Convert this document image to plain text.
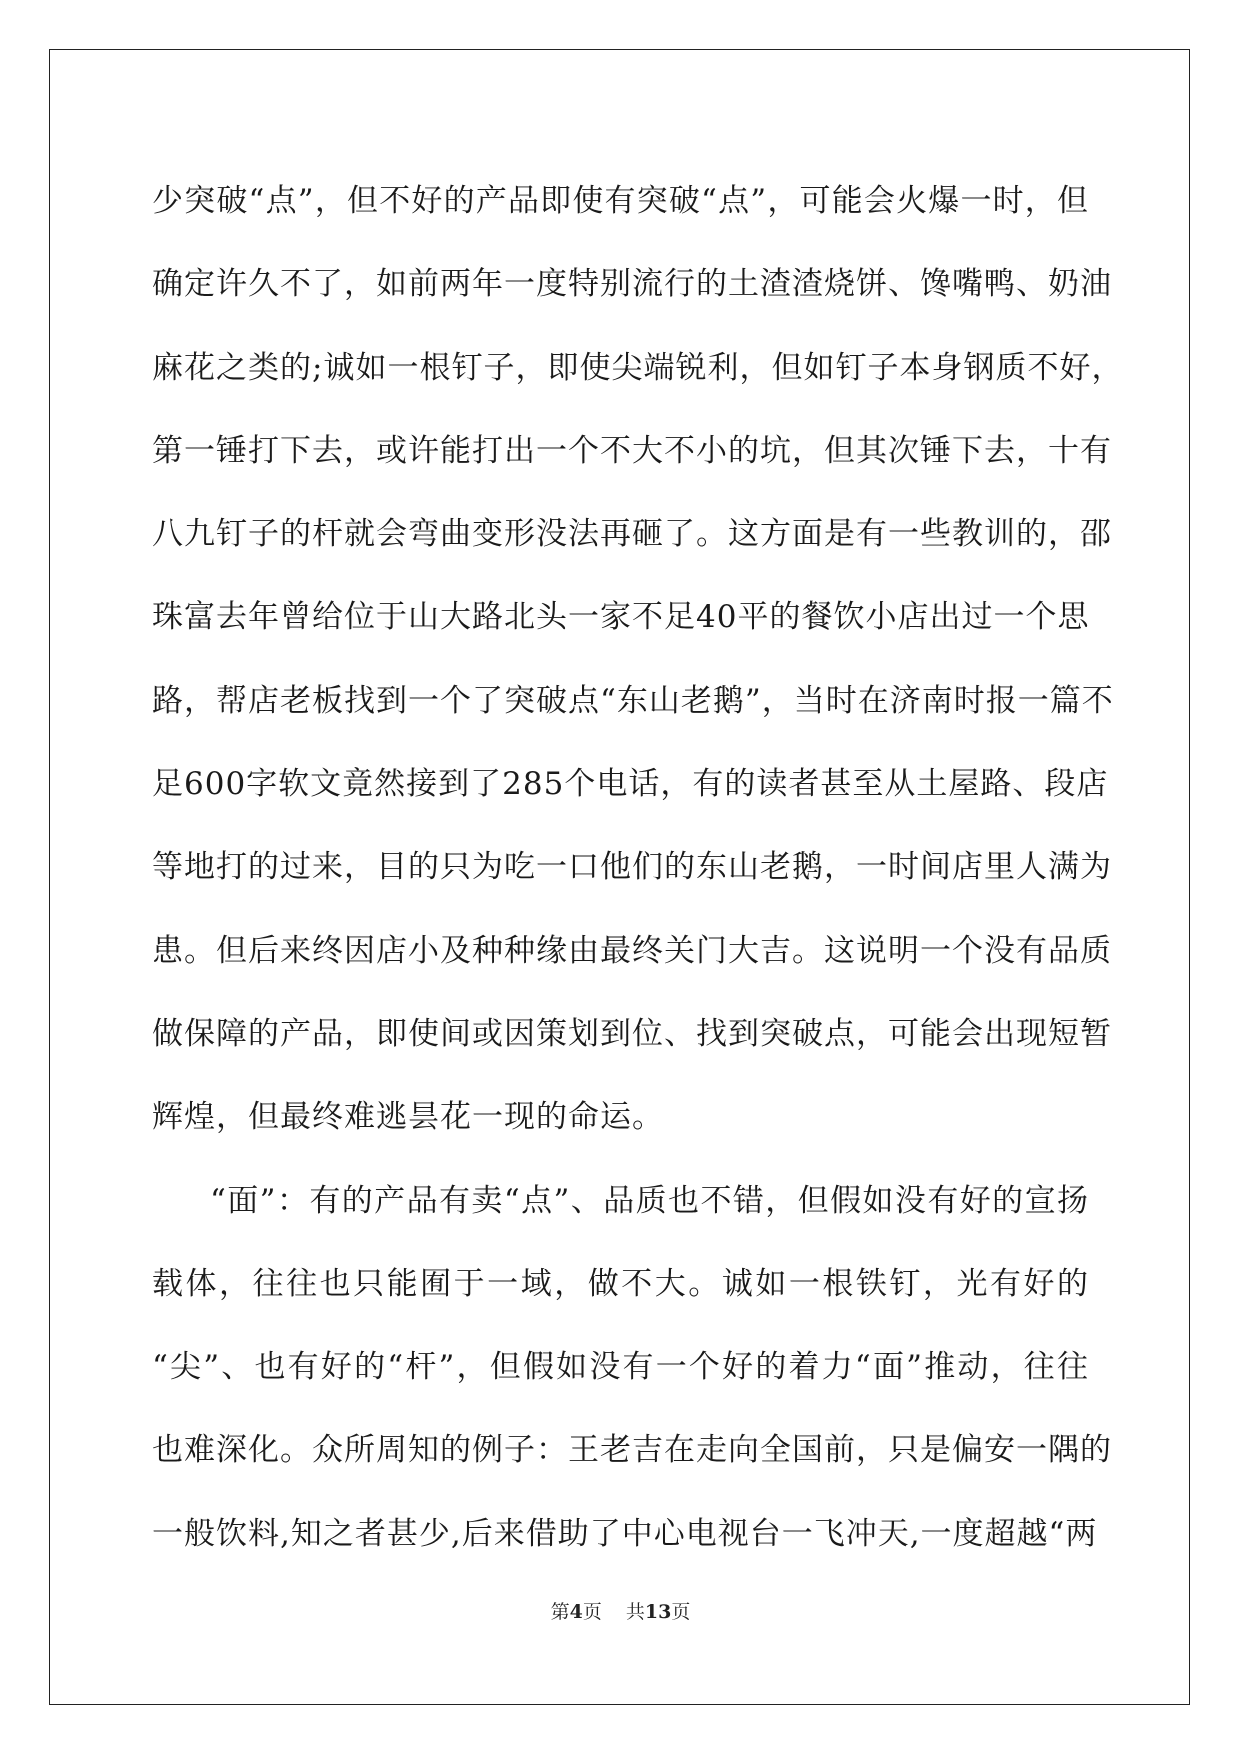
少突破“点”，但不好的产品即使有突破“点”，可能会火爆一时，但
确定许久不了，如前两年一度特别流行的土渣渣烧饼、馋嘴鸭、奶油
麻花之类的;诚如一根钉子，即使尖端锐利，但如钉子本身钢质不好，
第一锤打下去，或许能打出一个不大不小的坑，但其次锤下去，十有
八九钉子的杆就会弯曲变形没法再砸了。这方面是有一些教训的，邵
珠富去年曾给位于山大路北头一家不足40平的餐饮小店出过一个思
路，帮店老板找到一个了突破点“东山老鹅”，当时在济南时报一篇不
足600字软文竟然接到了285个电话，有的读者甚至从土屋路、段店
等地打的过来，目的只为吃一口他们的东山老鹅，一时间店里人满为
患。但后来终因店小及种种缘由最终关门大吉。这说明一个没有品质
做保障的产品，即使间或因策划到位、找到突破点，可能会出现短暂
辉煌，但最终难逃昙花一现的命运。
“面”：有的产品有卖“点”、品质也不错，但假如没有好的宣扬
载体，往往也只能囿于一域，做不大。诚如一根铁钉，光有好的
“尖”、也有好的“杆”，但假如没有一个好的着力“面”推动，往往
也难深化。众所周知的例子：王老吉在走向全国前，只是偏安一隅的
一般饮料,知之者甚少,后来借助了中心电视台一飞冲天,一度超越“两
第4页 共13页
